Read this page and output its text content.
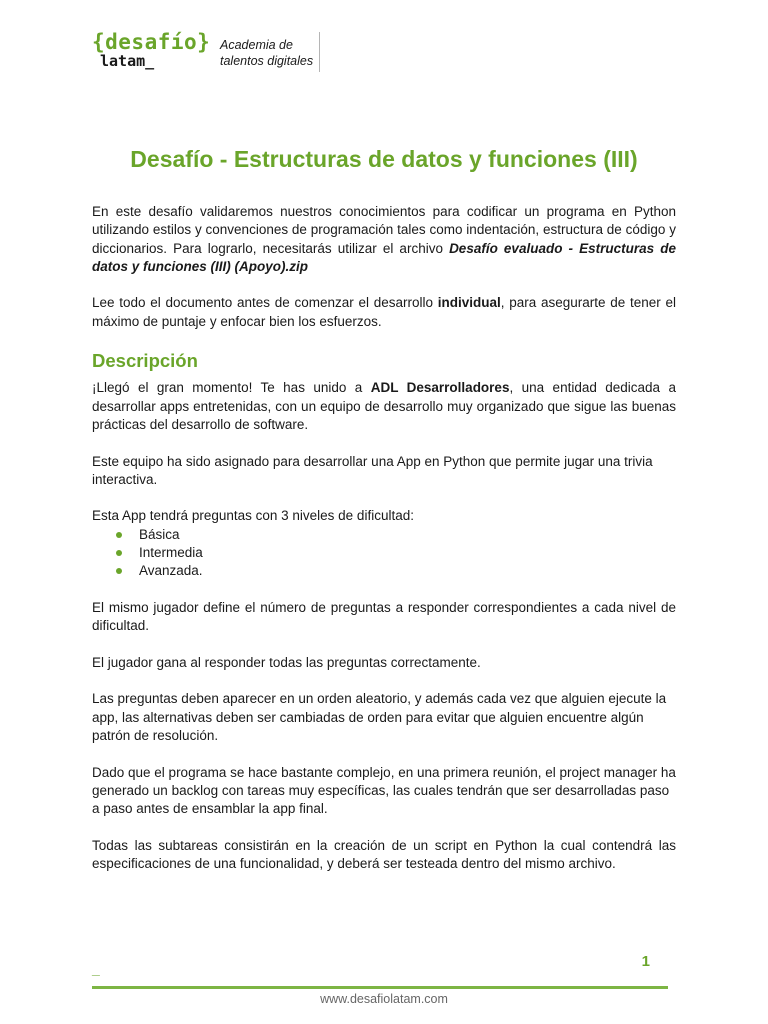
{desafío}
latam_
Academia de
talentos digitales
Desafío - Estructuras de datos y funciones (III)

En este desafío validaremos nuestros conocimientos para codificar un programa en Python utilizando estilos y convenciones de programación tales como indentación, estructura de código y diccionarios. Para lograrlo, necesitarás utilizar el archivo Desafío evaluado - Estructuras de datos y funciones (III) (Apoyo).zip

Lee todo el documento antes de comenzar el desarrollo individual, para asegurarte de tener el máximo de puntaje y enfocar bien los esfuerzos.

Descripción

¡Llegó el gran momento! Te has unido a ADL Desarrolladores, una entidad dedicada a desarrollar apps entretenidas, con un equipo de desarrollo muy organizado que sigue las buenas prácticas del desarrollo de software.

Este equipo ha sido asignado para desarrollar una App en Python que permite jugar una trivia interactiva.

Esta App tendrá preguntas con 3 niveles de dificultad:

Básica
Intermedia
Avanzada.

El mismo jugador define el número de preguntas a responder correspondientes a cada nivel de dificultad.

El jugador gana al responder todas las preguntas correctamente.

Las preguntas deben aparecer en un orden aleatorio, y además cada vez que alguien ejecute la app, las alternativas deben ser cambiadas de orden para evitar que alguien encuentre algún patrón de resolución.

Dado que el programa se hace bastante complejo, en una primera reunión, el project manager ha generado un backlog con tareas muy específicas, las cuales tendrán que ser desarrolladas paso a paso antes de ensamblar la app final.

Todas las subtareas consistirán en la creación de un script en Python la cual contendrá las especificaciones de una funcionalidad, y deberá ser testeada dentro del mismo archivo.

_	1
www.desafiolatam.com
